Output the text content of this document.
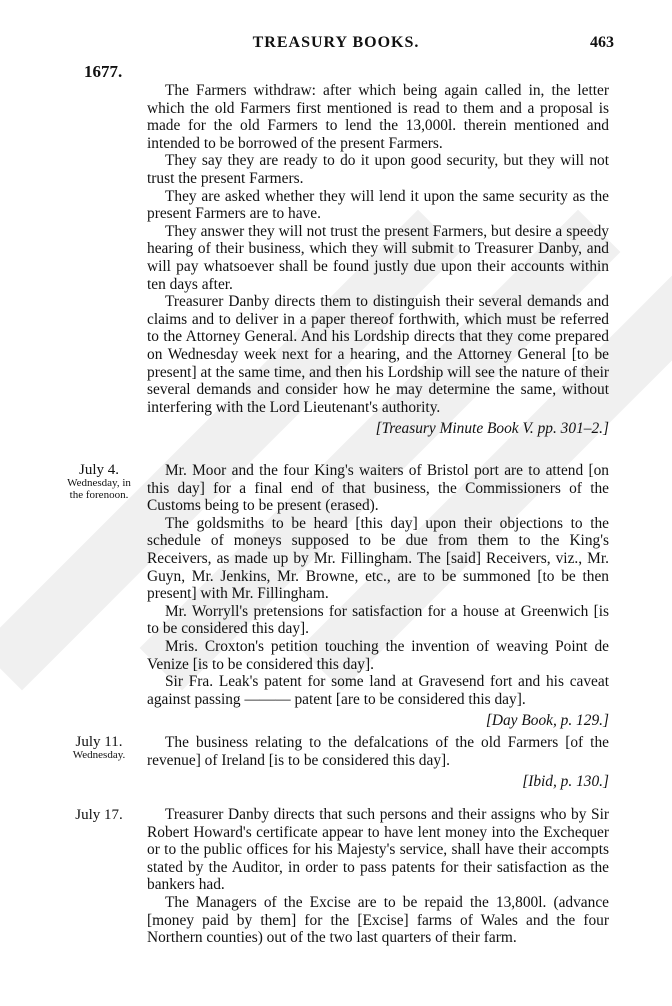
TREASURY BOOKS.	463
1677.

The Farmers withdraw: after which being again called in, the letter which the old Farmers first mentioned is read to them and a proposal is made for the old Farmers to lend the 13,000l. therein mentioned and intended to be borrowed of the present Farmers.

They say they are ready to do it upon good security, but they will not trust the present Farmers.

They are asked whether they will lend it upon the same security as the present Farmers are to have.

They answer they will not trust the present Farmers, but desire a speedy hearing of their business, which they will submit to Treasurer Danby, and will pay whatsoever shall be found justly due upon their accounts within ten days after.

Treasurer Danby directs them to distinguish their several demands and claims and to deliver in a paper thereof forthwith, which must be referred to the Attorney General. And his Lordship directs that they come prepared on Wednesday week next for a hearing, and the Attorney General [to be present] at the same time, and then his Lordship will see the nature of their several demands and consider how he may determine the same, without interfering with the Lord Lieutenant's authority.

[Treasury Minute Book V. pp. 301–2.]

July 4.
Wednesday, in the forenoon.

Mr. Moor and the four King's waiters of Bristol port are to attend [on this day] for a final end of that business, the Commissioners of the Customs being to be present (erased).

The goldsmiths to be heard [this day] upon their objections to the schedule of moneys supposed to be due from them to the King's Receivers, as made up by Mr. Fillingham. The [said] Receivers, viz., Mr. Guyn, Mr. Jenkins, Mr. Browne, etc., are to be summoned [to be then present] with Mr. Fillingham.

Mr. Worryll's pretensions for satisfaction for a house at Greenwich [is to be considered this day].

Mris. Croxton's petition touching the invention of weaving Point de Venize [is to be considered this day].

Sir Fra. Leak's patent for some land at Gravesend fort and his caveat against passing ——— patent [are to be considered this day].

[Day Book, p. 129.]

July 11.
Wednesday.

The business relating to the defalcations of the old Farmers [of the revenue] of Ireland [is to be considered this day].

[Ibid, p. 130.]

July 17.	Treasurer Danby directs that such persons and their assigns who by Sir Robert Howard's certificate appear to have lent money into the Exchequer or to the public offices for his Majesty's service, shall have their accompts stated by the Auditor, in order to pass patents for their satisfaction as the bankers had.

The Managers of the Excise are to be repaid the 13,800l. (advance [money paid by them] for the [Excise] farms of Wales and the four Northern counties) out of the two last quarters of their farm.
